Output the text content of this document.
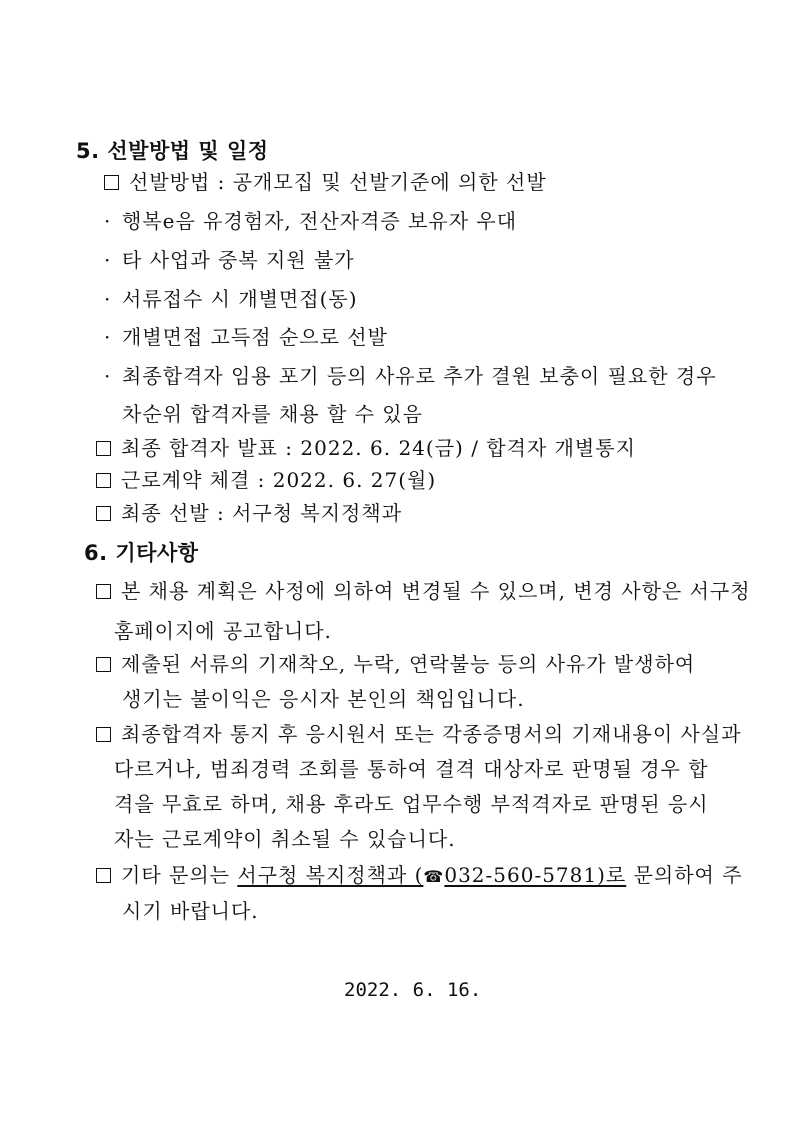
5. 선발방법 및 일정
선발방법 : 공개모집 및 선발기준에 의한 선발
· 행복e음 유경험자, 전산자격증 보유자 우대
· 타 사업과 중복 지원 불가
· 서류접수 시 개별면접(동)
· 개별면접 고득점 순으로 선발
· 최종합격자 임용 포기 등의 사유로 추가 결원 보충이 필요한 경우
차순위 합격자를 채용 할 수 있음
최종 합격자 발표 : 2022. 6. 24(금) / 합격자 개별통지
근로계약 체결 : 2022. 6. 27(월)
최종 선발 : 서구청 복지정책과
6. 기타사항
본 채용 계획은 사정에 의하여 변경될 수 있으며, 변경 사항은 서구청
홈페이지에 공고합니다.
제출된 서류의 기재착오, 누락, 연락불능 등의 사유가 발생하여
생기는 불이익은 응시자 본인의 책임입니다.
최종합격자 통지 후 응시원서 또는 각종증명서의 기재내용이 사실과
다르거나, 범죄경력 조회를 통하여 결격 대상자로 판명될 경우 합
격을 무효로 하며, 채용 후라도 업무수행 부적격자로 판명된 응시
자는 근로계약이 취소될 수 있습니다.
기타 문의는 서구청 복지정책과 (☎032-560-5781)로 문의하여 주
시기 바랍니다.
2022. 6. 16.
